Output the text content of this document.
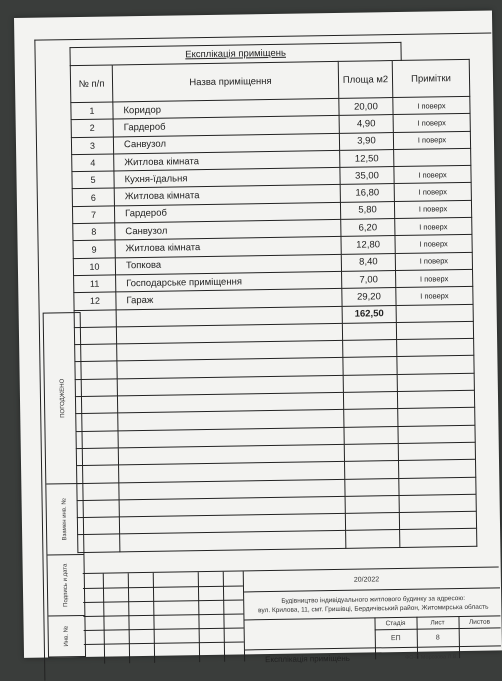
Експлікація приміщень
№ п/п	Назва приміщення	Площа м2	Примітки
1	Коридор	20,00	I поверх
2	Гардероб	4,90	I поверх
3	Санвузол	3,90	I поверх
4	Житлова кімната	12,50	
5	Кухня-їдальня	35,00	I поверх
6	Житлова кімната	16,80	I поверх
7	Гардероб	5,80	I поверх
8	Санвузол	6,20	I поверх
9	Житлова кімната	12,80	I поверх
10	Топкова	8,40	I поверх
11	Господарське приміщення	7,00	I поверх
12	Гараж	29,20	I поверх
		162,50	

ПОГОДЖЕНО
Взамен инв. №
Подпись и дата
Инв. №
20/2022
Будівництво індивідуального житлового будинку за адресою:
вул. Крилова, 11, смт. Гришівці, Бердичівський район, Житомирська область
Стадія	Лист	Листов
ЕП	8
Експлікація приміщень	ФО-П Морозова Л.В.
